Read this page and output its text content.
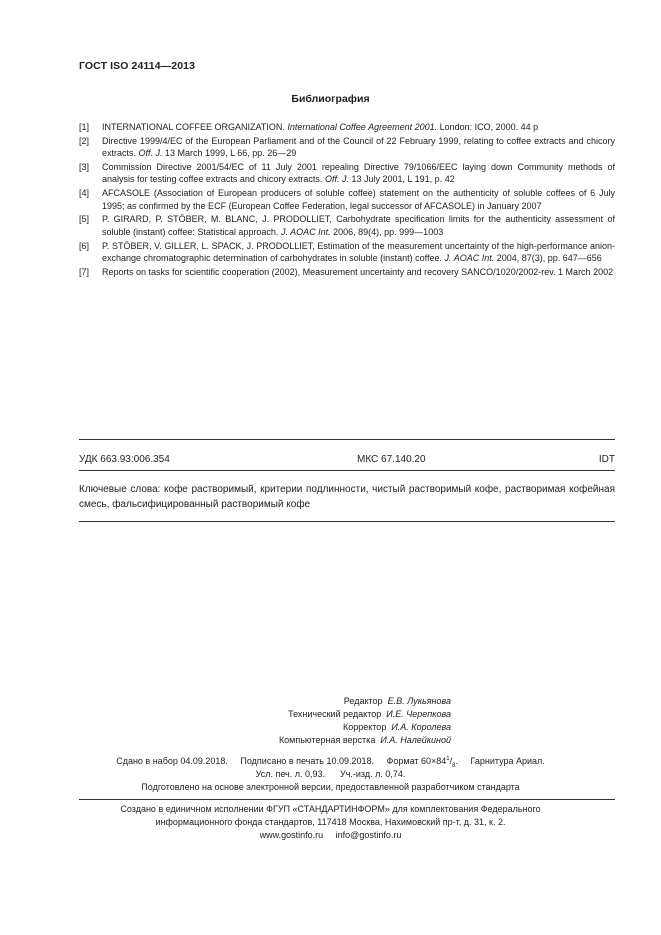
ГОСТ ISO 24114—2013
Библиография
[1]	INTERNATIONAL COFFEE ORGANIZATION. International Coffee Agreement 2001. London: ICO, 2000. 44 p
[2]	Directive 1999/4/EC of the European Parliament and of the Council of 22 February 1999, relating to coffee extracts and chicory extracts. Off. J. 13 March 1999, L 66, pp. 26—29
[3]	Commission Directive 2001/54/EC of 11 July 2001 repealing Directive 79/1066/EEC laying down Community methods of analysis for testing coffee extracts and chicory extracts. Off. J. 13 July 2001, L 191, p. 42
[4]	AFCASOLE (Association of European producers of soluble coffee) statement on the authenticity of soluble coffees of 6 July 1995; as confirmed by the ECF (European Coffee Federation, legal successor of AFCASOLE) in January 2007
[5]	P. GIRARD, P. STÖBER, M. BLANC, J. PRODOLLIET, Carbohydrate specification limits for the authenticity assessment of soluble (instant) coffee: Statistical approach. J. AOAC Int. 2006, 89(4), pp. 999—1003
[6]	P. STÖBER, V. GILLER, L. SPACK, J. PRODOLLIET, Estimation of the measurement uncertainty of the high-performance anion-exchange chromatographic determination of carbohydrates in soluble (instant) coffee. J. AOAC Int. 2004, 87(3), pp. 647—656
[7]	Reports on tasks for scientific cooperation (2002), Measurement uncertainty and recovery SANCO/1020/2002-rev. 1 March 2002
УДК 663.93:006.354	МКС 67.140.20	IDT
Ключевые слова: кофе растворимый, критерии подлинности, чистый растворимый кофе, растворимая кофейная смесь, фальсифицированный растворимый кофе
Редактор Е.В. Лукьянова
Технический редактор И.Е. Черепкова
Корректор И.А. Королева
Компьютерная верстка И.А. Налейкиной
Сдано в набор 04.09.2018.     Подписано в печать 10.09.2018.     Формат $60\times 84^1/_8$.     Гарнитура Ариал.
Усл. печ. л. 0,93.      Уч.-изд. л. 0,74.
Подготовлено на основе электронной версии, предоставленной разработчиком стандарта
Создано в единичном исполнении ФГУП «СТАНДАРТИНФОРМ» для комплектования Федерального
информационного фонда стандартов, 117418 Москва, Нахимовский пр-т, д. 31, к. 2.
www.gostinfo.ru     info@gostinfo.ru
